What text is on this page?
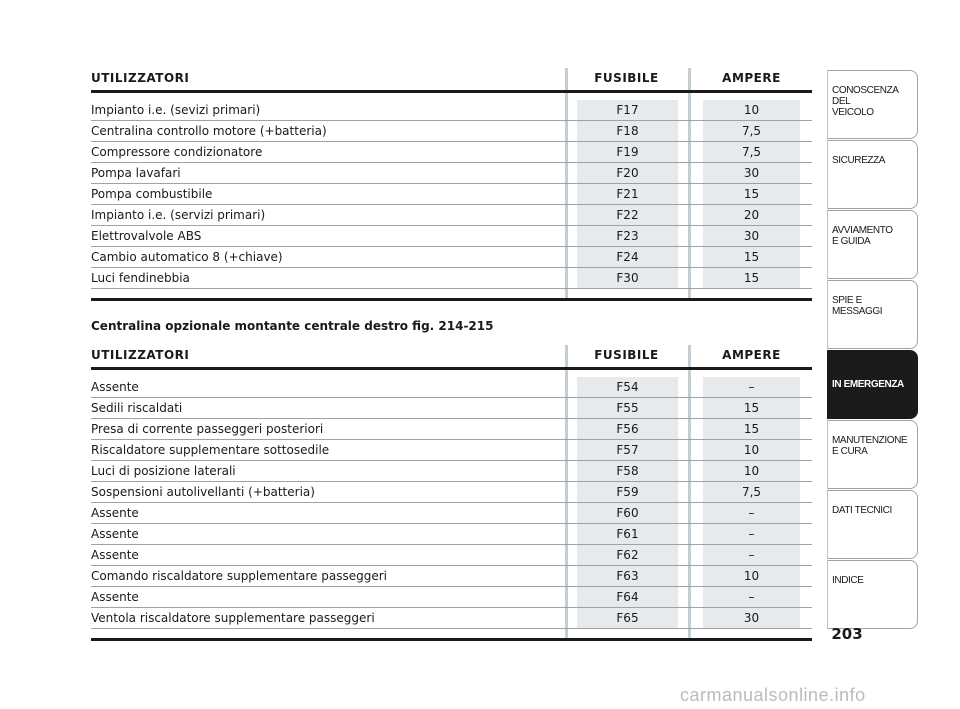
UTILIZZATORI	FUSIBILE	AMPERE
Impianto i.e. (sevizi primari)	F17	10
Centralina controllo motore (+batteria)	F18	7,5
Compressore condizionatore	F19	7,5
Pompa lavafari	F20	30
Pompa combustibile	F21	15
Impianto i.e. (servizi primari)	F22	20
Elettrovalvole ABS	F23	30
Cambio automatico 8 (+chiave)	F24	15
Luci fendinebbia	F30	15
Centralina opzionale montante centrale destro fig. 214-215
UTILIZZATORI	FUSIBILE	AMPERE
Assente	F54	–
Sedili riscaldati	F55	15
Presa di corrente passeggeri posteriori	F56	15
Riscaldatore supplementare sottosedile	F57	10
Luci di posizione laterali	F58	10
Sospensioni autolivellanti (+batteria)	F59	7,5
Assente	F60	–
Assente	F61	–
Assente	F62	–
Comando riscaldatore supplementare passeggeri	F63	10
Assente	F64	–
Ventola riscaldatore supplementare passeggeri	F65	30
CONOSCENZA
DEL
VEICOLO
SICUREZZA
AVVIAMENTO
E GUIDA
SPIE E
MESSAGGI
IN EMERGENZA
MANUTENZIONE
E CURA
DATI TECNICI
INDICE
203
carmanualsonline.info
